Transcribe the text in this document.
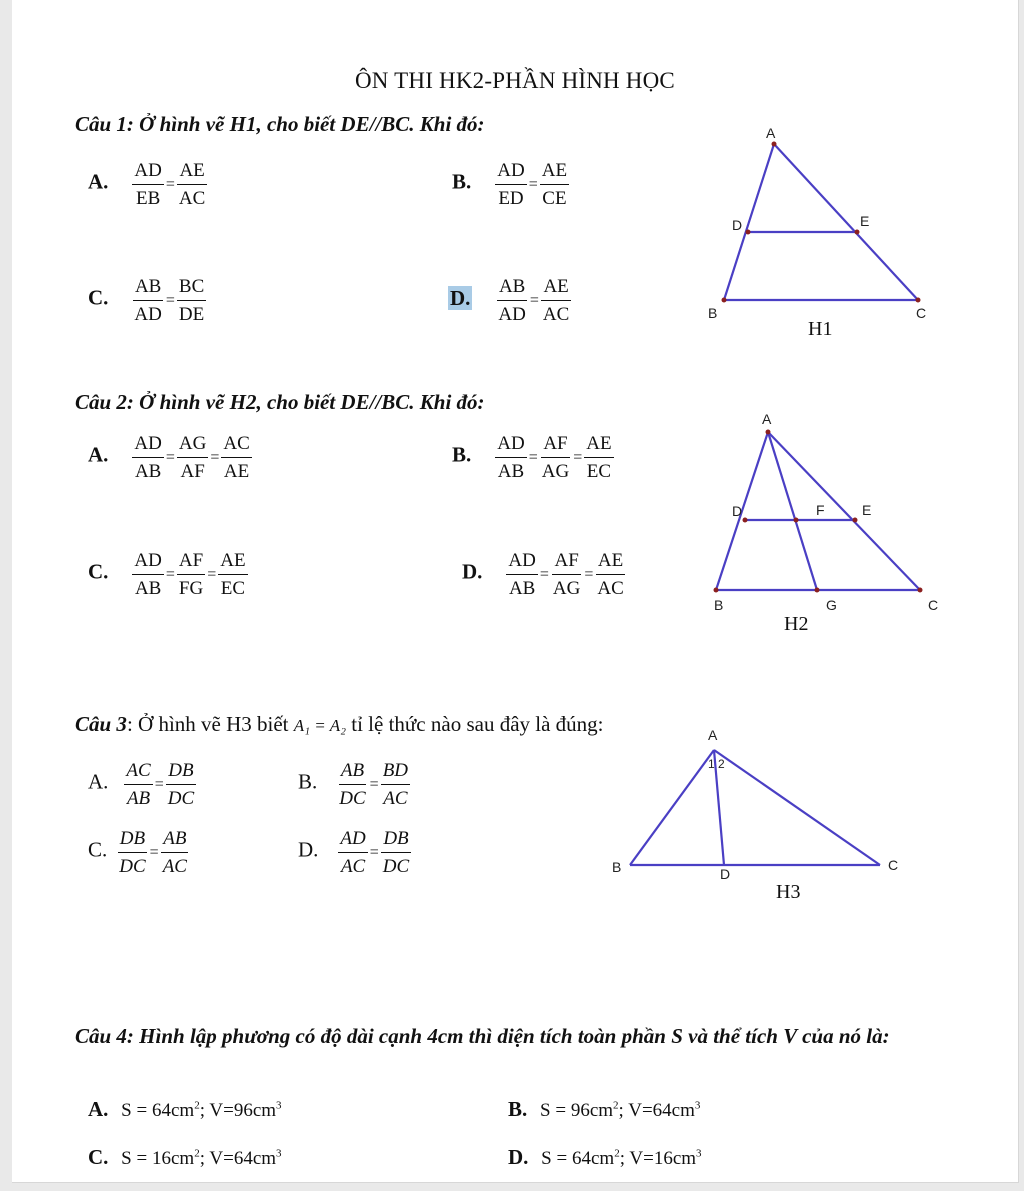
ÔN THI HK2-PHẦN HÌNH HỌC
Câu 1: Ở hình vẽ H1, cho biết DE//BC. Khi đó:
A. $\frac{AD}{EB} = \frac{AE}{AC}$	B. $\frac{AD}{ED} = \frac{AE}{CE}$
C. $\frac{AB}{AD} = \frac{BC}{DE}$	D. $\frac{AB}{AD} = \frac{AE}{AC}$
A
D	E
B	C
H1
Câu 2: Ở hình vẽ H2, cho biết DE//BC. Khi đó:
A. $\frac{AD}{AB} = \frac{AG}{AF} = \frac{AC}{AE}$	B. $\frac{AD}{AB} = \frac{AF}{AG} = \frac{AE}{EC}$
C. $\frac{AD}{AB} = \frac{AF}{FG} = \frac{AE}{EC}$	D. $\frac{AD}{AB} = \frac{AF}{AG} = \frac{AE}{AC}$
A
D	F	E
B	G	C
H2
Câu 3: Ở hình vẽ H3 biết A₁ = A₂ tỉ lệ thức nào sau đây là đúng:
A. $\frac{AC}{AB} = \frac{DB}{DC}$	B. $\frac{AB}{DC} = \frac{BD}{AC}$
C. $\frac{DB}{DC} = \frac{AB}{AC}$	D. $\frac{AD}{AC} = \frac{DB}{DC}$
A
B	D
C
1 2
H3
Câu 4: Hình lập phương có độ dài cạnh 4cm thì diện tích toàn phần S và thể tích V của nó là:
A. $S = 64cm^2$; $V=96cm^3$	B. $S = 96cm^2$; $V=64cm^3$
C. $S = 16cm^2$; $V=64cm^3$	D. $S = 64cm^2$; $V=16cm^3$
